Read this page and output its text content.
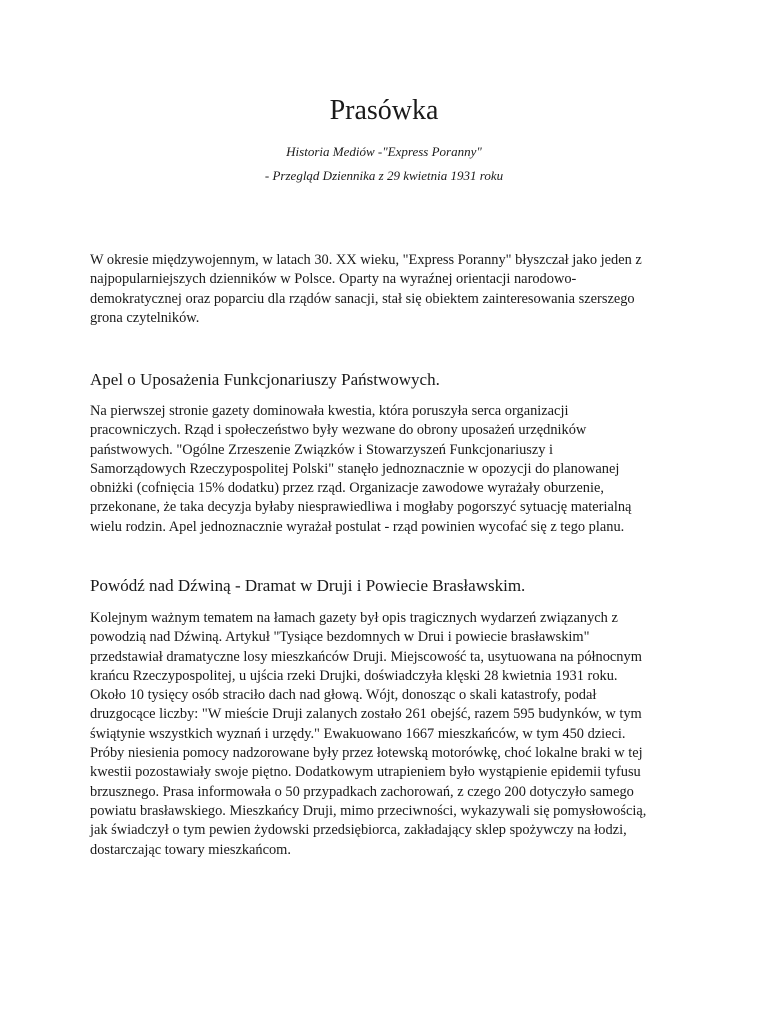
Prasówka

Historia Mediów -"Express Poranny"

- Przegląd Dziennika z 29 kwietnia 1931 roku

W okresie międzywojennym, w latach 30. XX wieku, "Express Poranny" błyszczał jako jeden z
najpopularniejszych dzienników w Polsce. Oparty na wyraźnej orientacji narodowo-
demokratycznej oraz poparciu dla rządów sanacji, stał się obiektem zainteresowania szerszego
grona czytelników.

Apel o Uposażenia Funkcjonariuszy Państwowych.

Na pierwszej stronie gazety dominowała kwestia, która poruszyła serca organizacji
pracowniczych. Rząd i społeczeństwo były wezwane do obrony uposażeń urzędników
państwowych. "Ogólne Zrzeszenie Związków i Stowarzyszeń Funkcjonariuszy i
Samorządowych Rzeczypospolitej Polski" stanęło jednoznacznie w opozycji do planowanej
obniżki (cofnięcia 15% dodatku) przez rząd. Organizacje zawodowe wyrażały oburzenie,
przekonane, że taka decyzja byłaby niesprawiedliwa i mogłaby pogorszyć sytuację materialną
wielu rodzin. Apel jednoznacznie wyrażał postulat - rząd powinien wycofać się z tego planu.

Powódź nad Dźwiną - Dramat w Druji i Powiecie Brasławskim.

Kolejnym ważnym tematem na łamach gazety był opis tragicznych wydarzeń związanych z
powodzią nad Dźwiną. Artykuł "Tysiące bezdomnych w Drui i powiecie brasławskim"
przedstawiał dramatyczne losy mieszkańców Druji. Miejscowość ta, usytuowana na północnym
krańcu Rzeczypospolitej, u ujścia rzeki Drujki, doświadczyła klęski 28 kwietnia 1931 roku.
Około 10 tysięcy osób straciło dach nad głową. Wójt, donosząc o skali katastrofy, podał
druzgocące liczby: "W mieście Druji zalanych zostało 261 obejść, razem 595 budynków, w tym
świątynie wszystkich wyznań i urzędy." Ewakuowano 1667 mieszkańców, w tym 450 dzieci.
Próby niesienia pomocy nadzorowane były przez łotewską motorówkę, choć lokalne braki w tej
kwestii pozostawiały swoje piętno. Dodatkowym utrapieniem było wystąpienie epidemii tyfusu
brzusznego. Prasa informowała o 50 przypadkach zachorowań, z czego 200 dotyczyło samego
powiatu brasławskiego. Mieszkańcy Druji, mimo przeciwności, wykazywali się pomysłowością,
jak świadczył o tym pewien żydowski przedsiębiorca, zakładający sklep spożywczy na łodzi,
dostarczając towary mieszkańcom.
